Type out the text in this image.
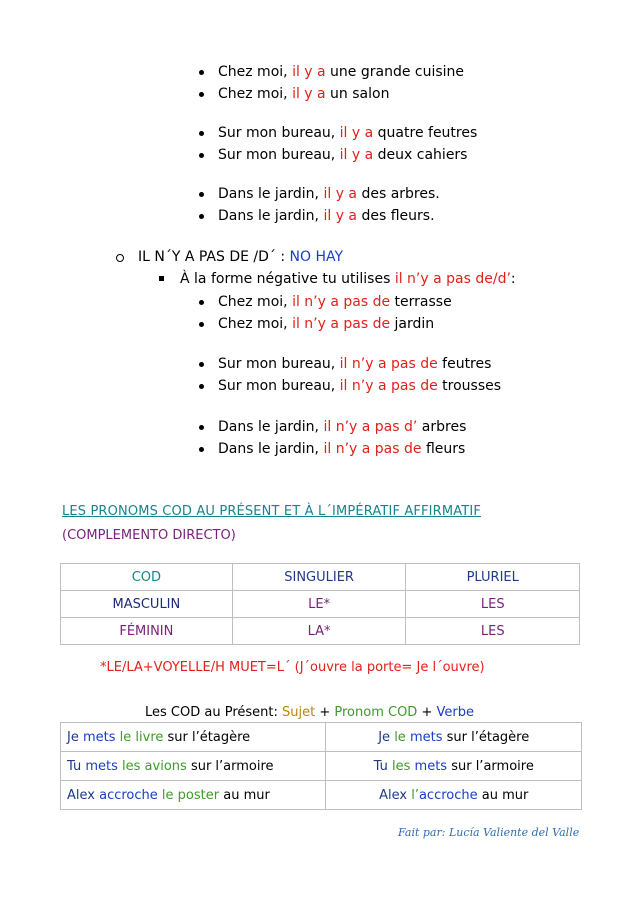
Chez moi, il y a une grande cuisine
Chez moi, il y a un salon
Sur mon bureau, il y a quatre feutres
Sur mon bureau, il y a deux cahiers
Dans le jardin, il y a des arbres.
Dans le jardin, il y a des fleurs.
IL N´Y A PAS DE /D´ : NO HAY
À la forme négative tu utilises il n’y a pas de/d’:
Chez moi, il n’y a pas de terrasse
Chez moi, il n’y a pas de jardin
Sur mon bureau, il n’y a pas de feutres
Sur mon bureau, il n’y a pas de trousses
Dans le jardin, il n’y a pas d’ arbres
Dans le jardin, il n’y a pas de fleurs
LES PRONOMS COD AU PRÉSENT ET À L´IMPÉRATIF AFFIRMATIF
(COMPLEMENTO DIRECTO)
COD	SINGULIER	PLURIEL
MASCULIN	LE*	LES
FÉMININ	LA*	LES
*LE/LA+VOYELLE/H MUET=L´ (J´ouvre la porte= Je l´ouvre)
Les COD au Présent: Sujet + Pronom COD + Verbe
Je mets le livre sur l’étagère	Je le mets sur l’étagère
Tu mets les avions sur l’armoire	Tu les mets sur l’armoire
Alex accroche le poster au mur	Alex l’accroche au mur
Fait par: Lucía Valiente del Valle
